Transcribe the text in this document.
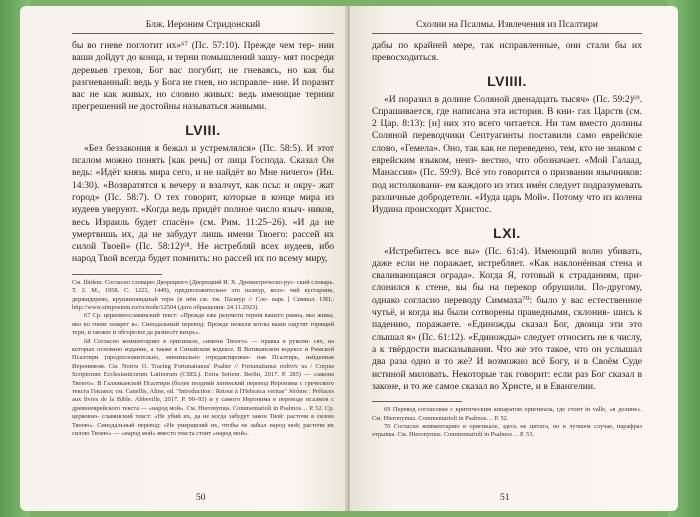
Блж. Иероним Стридонский

бы во гневе поглотит их»⁶⁷ (Пс. 57:10). Прежде чем тер- нии ваши дойдут до конца, и терни помышлений зашу- мят посреди деревьев грехов, Бог вас погубит, не гневаясь, но как бы разгневанный: ведь у Бога не гнев, но исправле- ние. И поразит вас не как живых, но словно живых: ведь имеющие тернии прегрешений не достойны называться живыми.

LVIII.

«Без беззакония я бежал и устремлялся» (Пс. 58:5). И этот псалом можно понять [как речь] от лица Господа. Сказал Он ведь: «Идёт князь мира сего, и не найдёт во Мне ничего» (Ин. 14:30). «Возвратятся к вечеру и взалчут, как псы: и окру- жат город» (Пс. 58:7). О тех говорит, которые в конце мира из иудеев уверуют. «Когда ведь придёт полное число языч- ников, весь Израиль будет спасён» (см. Рим. 11:25–26). «И да не умертвишь их, да не забудут лишь имени Твоего: рассей их силой Твоей» (Пс. 58:12)⁶⁸. Не истребляй всех иудеев, ибо народ Твой всегда будет помнить: но рассей их по всему миру,

См. Ibidem. Согласно словарю Дворецкого (Дворецкий И. Х. Древнегреческо-рус- ский словарь. Т. 2. М., 1958. С. 1223, 1449), предположительно это палиур, коло- чий кустарник, держидерево, крушиновидный терн (в нём см. тж. Палиур // Сло- варь [ Символ. URL: http://www.simposium.ru/ru/node/12504 (дата обращения: 24.11.2023).

67 Ср. церковнославянский текст: «Прежде ежe разумети тернiя вашего рамна, якo живы, якo во гневе пожрет я». Синодальный перевод: Прежде нежели котлы ваши ощутят горящий терн, и свежее и обгорелое да разнесёт вихрь».

68 Согласно комментарию в оригинале, «имени Твоего» — правка в рукопи- сях, на которых основано издание, а также в Синайском кодексе. В Ватиканском кодексе и Римской Псалтири (предположительно, минимально отредактирован- ная Псалтирь, найденная Иеронимом. См. Norris O. Tracing Fortunatianus' Psalter // Fortunatianus rediviv us / Corpus Scriptorum Ecclesiasticorum Latinorum (CSEL). Extra Seriem. Berlin, 2017. P. 285) — «закона Твоего». В Галликанской Псалтири (более поздний латинский перевод Иеронима с греческого текста Гекзапл; см. Canellis, Aline, ed. "Introduction : Retour à l'Hebraica veritas" Jérôme : Préfaces aux livres de la Bible. Abbeville, 2017. P. 90–93) и у самого Иеронима в переводе псалмов с древнееврейского текста — «народ мой». См. Hieronymus. Commentarioli in Psalmos… P. 52. Ср. церковно- славянский текст: «Не убий их, да не когда забудут закон Твой: расточи я силою Твоею». Синодальный перевод: «Не умерщвляй их, чтобы не забыл народ мой; расточи их силою Твоею» — «народ мой» вместо текста стоит «народ мой».

50
Схолии на Псалмы. Извлечения из Псалтири

дабы по крайней мере, так исправленные, они стали бы их превосходиться.

LVIIII.

«И поразил в долине Соляной двенадцать тысяч» (Пс. 59:2)⁶⁹. Спрашивается, где написана эта история. В кни- гах Царств (см. 2 Цар. 8:13): [н] них это всего читается. Ни там вместо долины Соляной переводчики Септуагинты поставили само еврейское слово, «Гемела». Оно, так как не переведено, тем, кто не знаком с еврейским языком, неиз- вестно, что обозначает. «Мой Галаад, Манассия» (Пс. 59:9). Всё это говорится о призвании язычников: под истолковани- ем каждого из этих имён следует подразумевать различные добродетели. «Иуда царь Мой». Потому что из колена Иудина происходит Христос.

LXI.

«Истребитесь все вы» (Пс. 61:4). Имеющий волю убивать, даже если не поражает, истребляет. «Как наклонённая стена и сваливающаяся ограда». Когда Я, готовый к страданиям, при- слонился к стене, вы бы на перекор обрушили. По-другому, однако согласно переводу Симмаха⁷⁰: было у вас естественное чутьё, и когда вы были сотворены праведными, склонив- шись к падению, поражаете. «Единожды сказал Бог, двоица эти это слышал я» (Пс. 61:12). «Единожды» следует относить не к числу, а к твёрдости высказывания. Что же это такое, что он услышал два раза одно и то же? И возможно всё Богу, и в Своём Суде истиной миловать. Некоторые так говорит: если раз Бог сказал в законе, и то же самое сказал во Христе, и в Евангелии.

69 Перевод согласован с критическим аппаратом оригинала, где стоит in valle, «в долине». См. Hieronymus. Commentarioli in Psalmos… P. 52.

70 Согласно комментарию в оригинале, здесь не цитата, но в лучшем случае, парафраз отрывка. См. Hieronymus. Commentarioli in Psalmos… P. 53.

51
